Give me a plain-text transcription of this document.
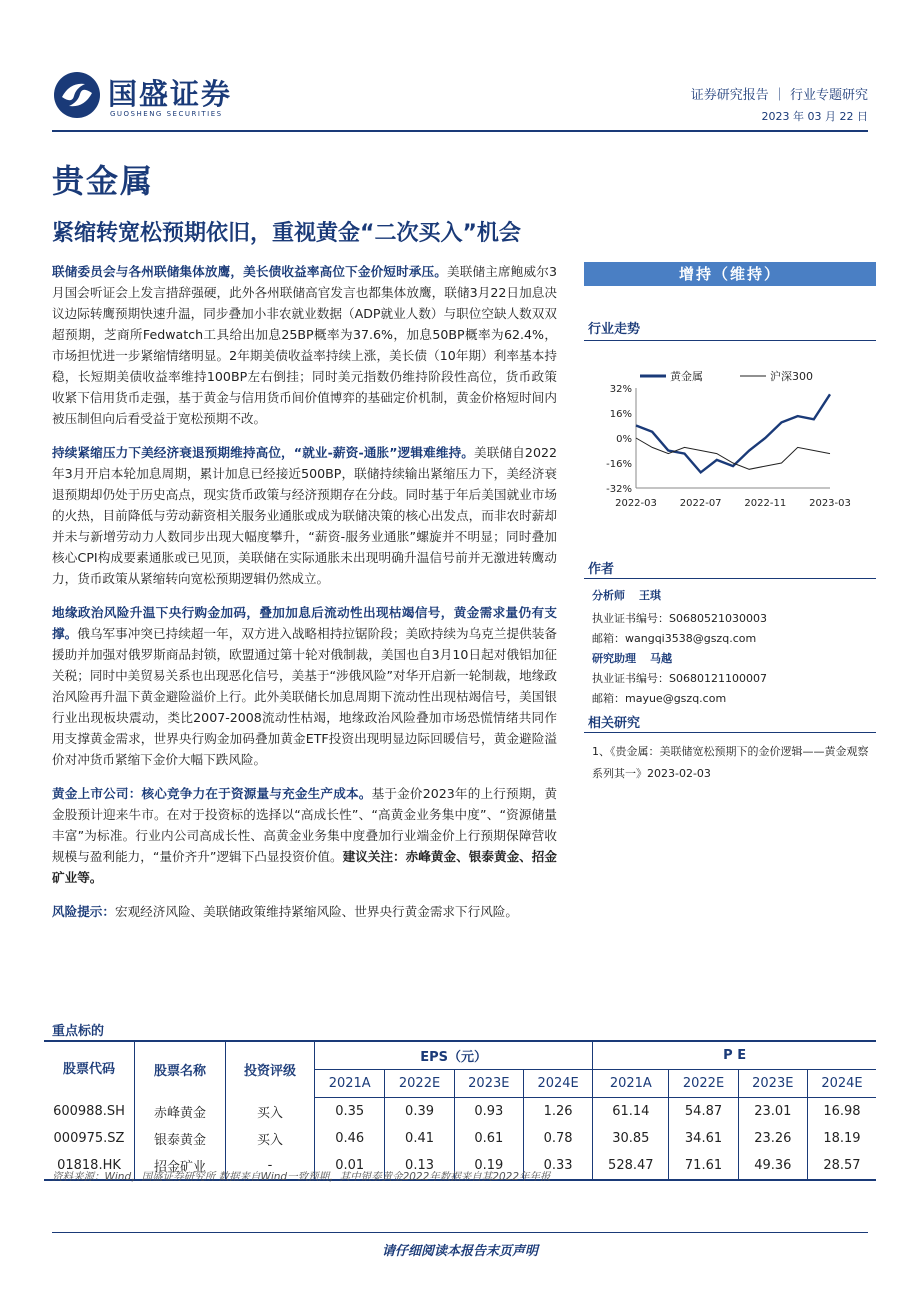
国盛证券
GUOSHENG SECURITIES
证券研究报告 ｜ 行业专题研究
2023 年 03 月 22 日
贵金属
紧缩转宽松预期依旧，重视黄金“二次买入”机会

联储委员会与各州联储集体放鹰，美长债收益率高位下金价短时承压。美联储主席鲍威尔3月国会听证会上发言措辞强硬，此外各州联储高官发言也都集体放鹰，联储3月22日加息决议边际转鹰预期快速升温，同步叠加小非农就业数据（ADP就业人数）与职位空缺人数双双超预期，芝商所Fedwatch工具给出加息25BP概率为37.6%，加息50BP概率为62.4%，市场担忧进一步紧缩情绪明显。2年期美债收益率持续上涨，美长债（10年期）利率基本持稳，长短期美债收益率维持100BP左右倒挂；同时美元指数仍维持阶段性高位，货币政策收紧下信用货币走强，基于黄金与信用货币间价值博弈的基础定价机制，黄金价格短时间内被压制但向后看受益于宽松预期不改。

持续紧缩压力下美经济衰退预期维持高位，“就业-薪资-通胀”逻辑难维持。美联储自2022年3月开启本轮加息周期，累计加息已经接近500BP，联储持续输出紧缩压力下，美经济衰退预期却仍处于历史高点，现实货币政策与经济预期存在分歧。同时基于年后美国就业市场的火热，目前降低与劳动薪资相关服务业通胀或成为联储决策的核心出发点，而非农时薪却并未与新增劳动力人数同步出现大幅度攀升，“薪资-服务业通胀”螺旋并不明显；同时叠加核心CPI构成要素通胀或已见顶，美联储在实际通胀未出现明确升温信号前并无激进转鹰动力，货币政策从紧缩转向宽松预期逻辑仍然成立。

地缘政治风险升温下央行购金加码，叠加加息后流动性出现枯竭信号，黄金需求量仍有支撑。俄乌军事冲突已持续超一年，双方进入战略相持拉锯阶段；美欧持续为乌克兰提供装备援助并加强对俄罗斯商品封锁，欧盟通过第十轮对俄制裁，美国也自3月10日起对俄铝加征关税；同时中美贸易关系也出现恶化信号，美基于“涉俄风险”对华开启新一轮制裁，地缘政治风险再升温下黄金避险溢价上行。此外美联储长加息周期下流动性出现枯竭信号，美国银行业出现板块震动，类比2007-2008流动性枯竭，地缘政治风险叠加市场恐慌情绪共同作用支撑黄金需求，世界央行购金加码叠加黄金ETF投资出现明显边际回暖信号，黄金避险溢价对冲货币紧缩下金价大幅下跌风险。

黄金上市公司：核心竞争力在于资源量与充金生产成本。基于金价2023年的上行预期，黄金股预计迎来牛市。在对于投资标的选择以“高成长性”、“高黄金业务集中度”、“资源储量丰富”为标准。行业内公司高成长性、高黄金业务集中度叠加行业端金价上行预期保障营收规模与盈利能力，“量价齐升”逻辑下凸显投资价值。建议关注：赤峰黄金、银泰黄金、招金矿业等。

风险提示：宏观经济风险、美联储政策维持紧缩风险、世界央行黄金需求下行风险。

增持（维持）
行业走势
黄金属	沪深300
32%
16%
0%
-16%
-32%
2022-03 2022-07 2022-11 2023-03
作者
分析师 王琪
执业证书编号：S0680521030003
邮箱：wangqi3538@gszq.com
研究助理 马越
执业证书编号：S0680121100007
邮箱：mayue@gszq.com
相关研究
1、《贵金属：美联储宽松预期下的金价逻辑——黄金观察系列其一》2023-02-03
重点标的
股票代码	股票名称	投资评级	EPS（元）				P E			
			2021A	2022E	2023E	2024E	2021A	2022E	2023E	2024E
600988.SH	赤峰黄金	买入	0.35	0.39	0.93	1.26	61.14	54.87	23.01	16.98
000975.SZ	银泰黄金	买入	0.46	0.41	0.61	0.78	30.85	34.61	23.26	18.19
01818.HK	招金矿业	-	0.01	0.13	0.19	0.33	528.47	71.61	49.36	28.57
资料来源：Wind，国盛证券研究所 数据来自Wind一致预期，其中银泰黄金2022年数据来自其2022年年报
请仔细阅读本报告末页声明
